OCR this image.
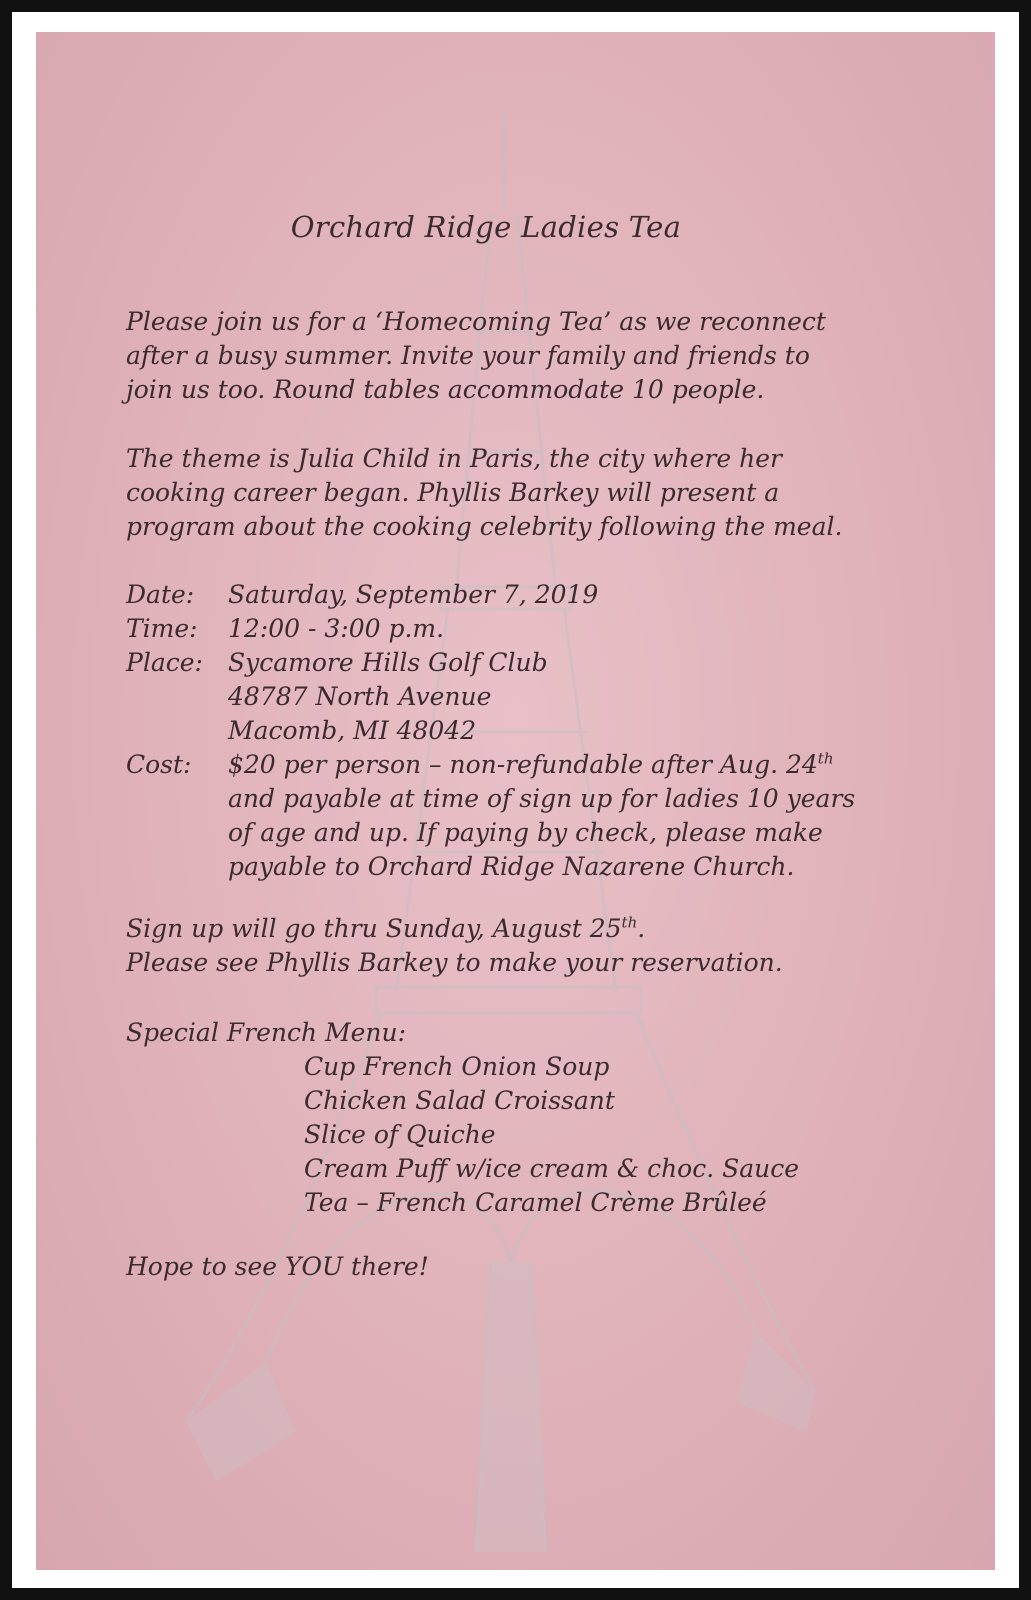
Orchard Ridge Ladies Tea
Please join us for a ‘Homecoming Tea’ as we reconnect
after a busy summer. Invite your family and friends to
join us too. Round tables accommodate 10 people.
The theme is Julia Child in Paris, the city where her
cooking career began. Phyllis Barkey will present a
program about the cooking celebrity following the meal.
Date: Saturday, September 7, 2019
Time: 12:00 - 3:00 p.m.
Place: Sycamore Hills Golf Club
48787 North Avenue
Macomb, MI 48042
Cost: $20 per person – non-refundable after Aug. 24th
and payable at time of sign up for ladies 10 years
of age and up. If paying by check, please make
payable to Orchard Ridge Nazarene Church.
Sign up will go thru Sunday, August 25th.
Please see Phyllis Barkey to make your reservation.
Special French Menu:
Cup French Onion Soup
Chicken Salad Croissant
Slice of Quiche
Cream Puff w/ice cream & choc. Sauce
Tea – French Caramel Crème Brûleé
Hope to see YOU there!
